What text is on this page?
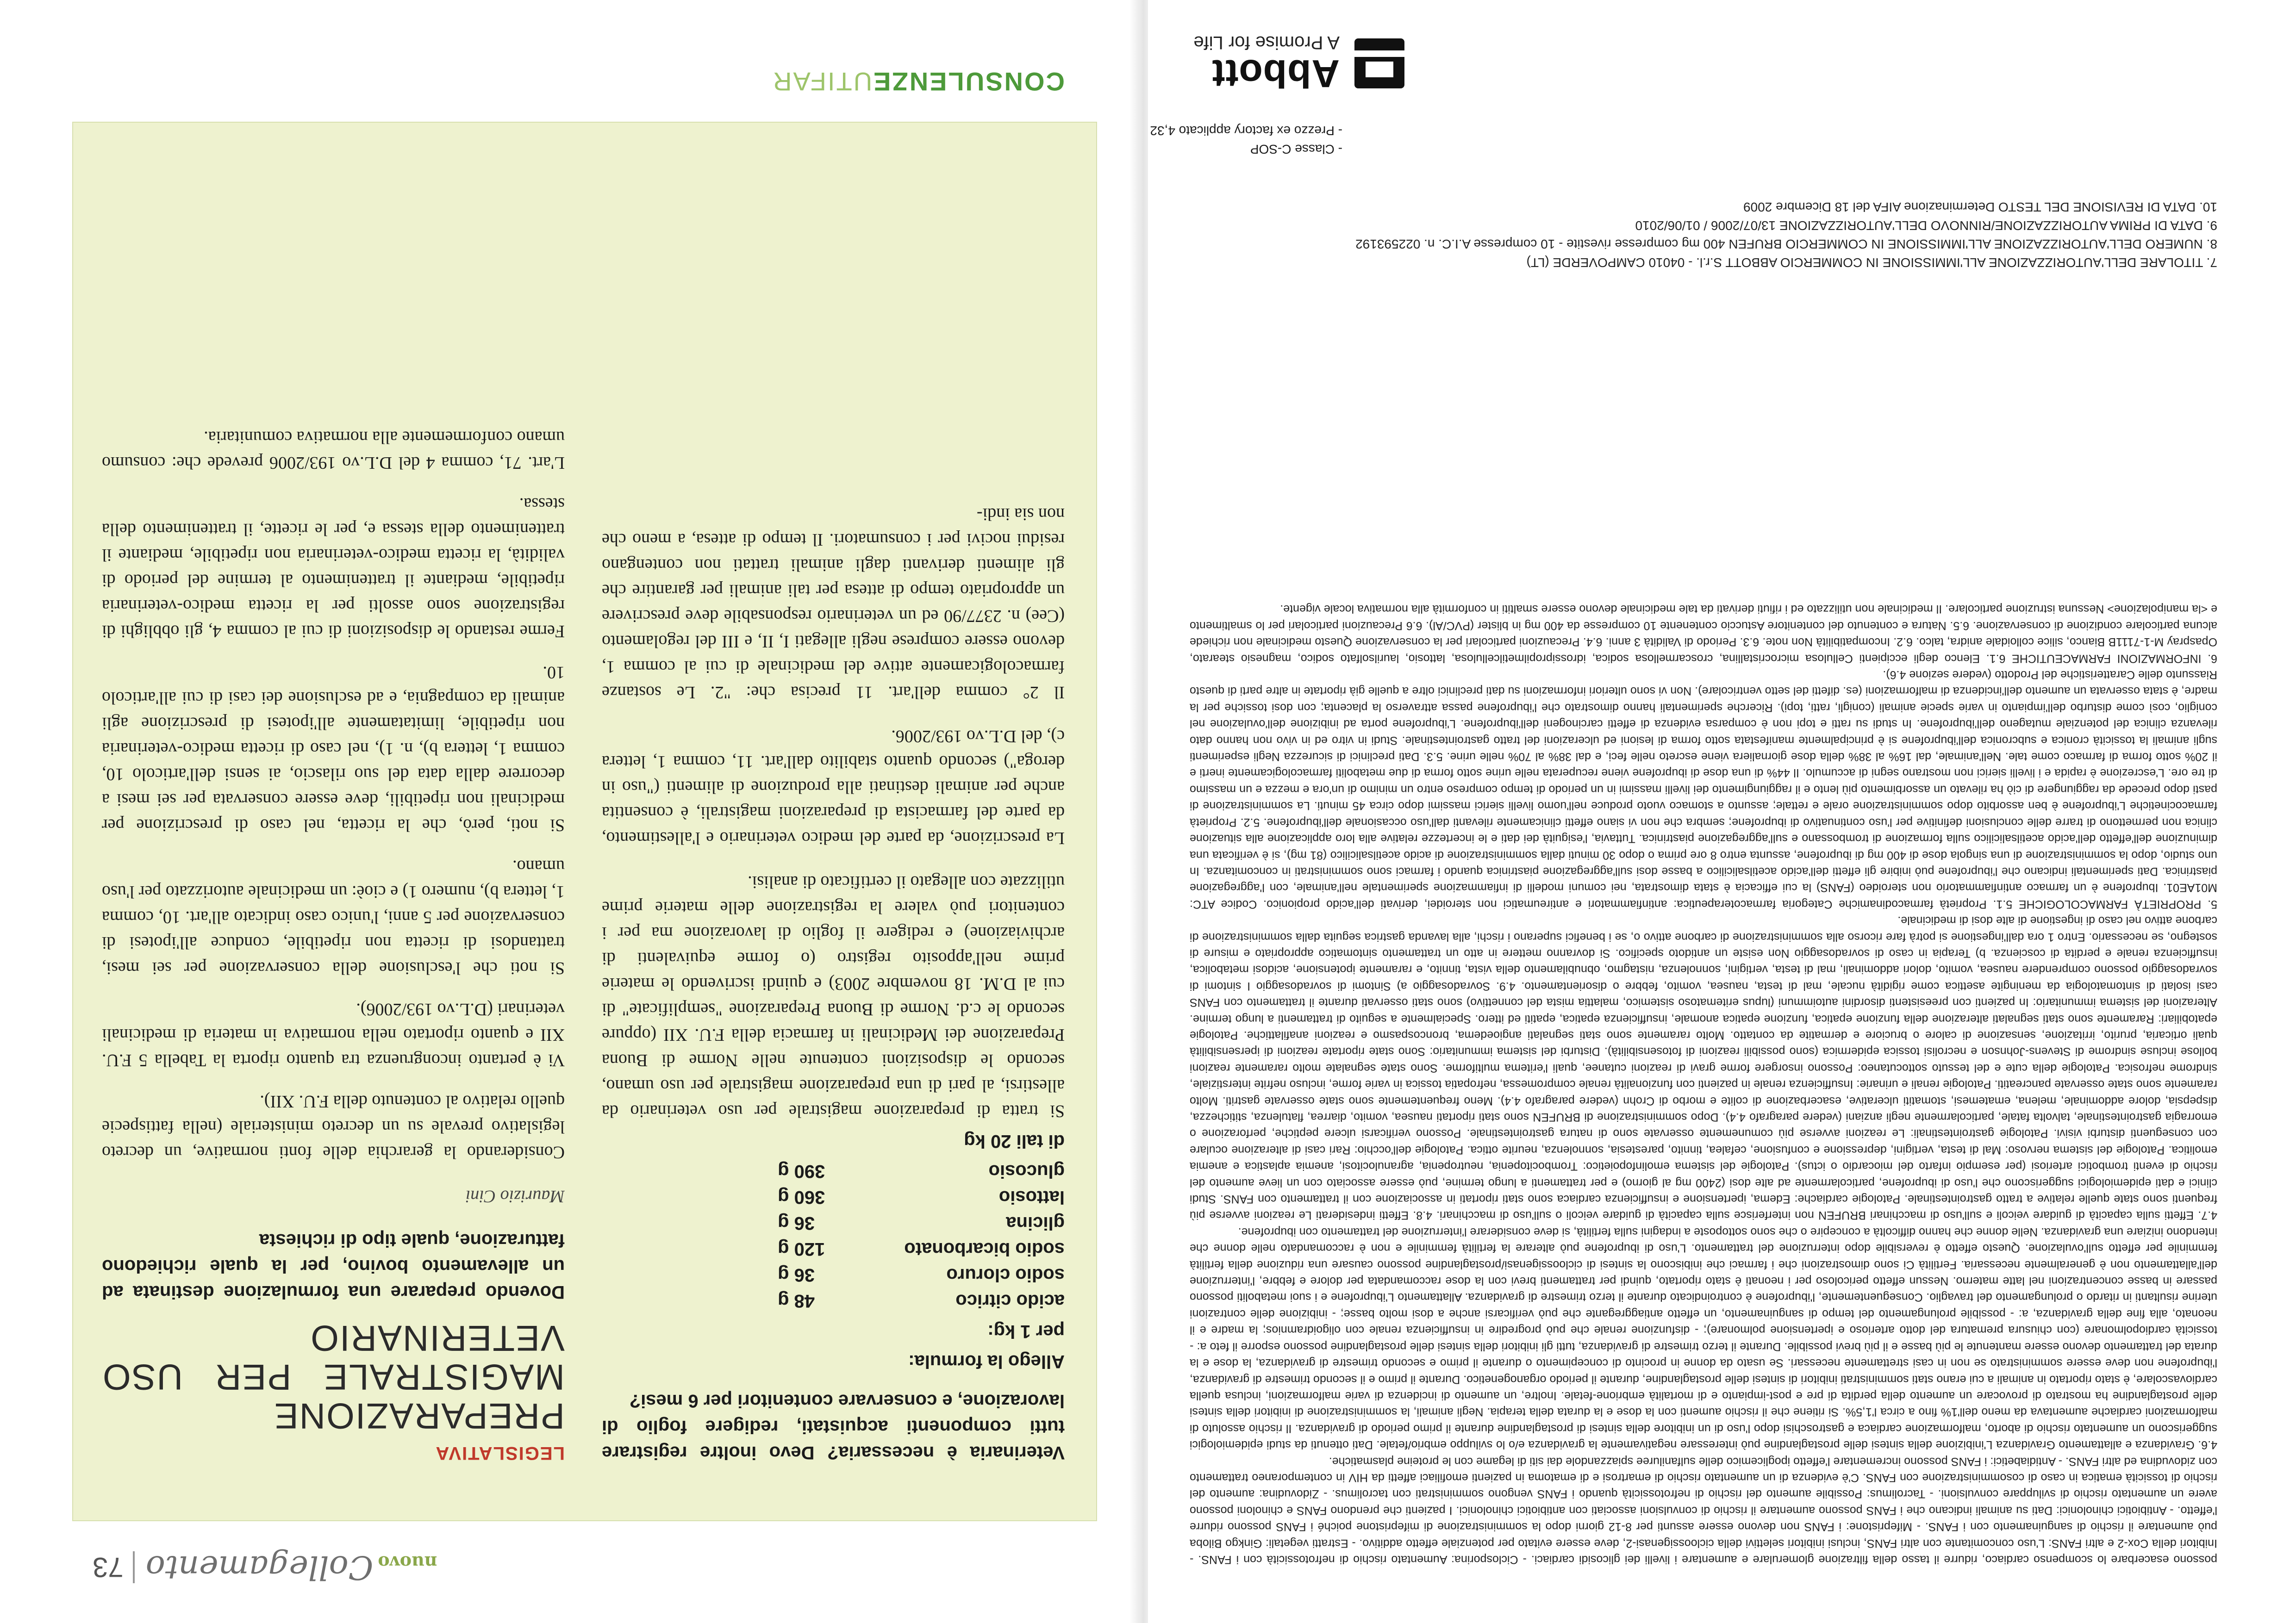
nuovoCollegamento
73
CONSULENZEUTIFAR

Veterinaria è necessaria? Devo inoltre registrare tutti componenti acquistati, redigere foglio di lavorazione, e conservare contenitori per 6 mesi?

Allego la formula:
per 1 kg:
acido citrico
48 g
sodio cloruro
36 g
sodio bicarbonato
120 g
glicina
36 g
lattosio
360 g
glucosio
390 g
di tali 20 kg

Si tratta di preparazione magistrale per uso veterinario da allestirsi, al pari di una preparazione magistrale per uso umano, secondo le disposizioni contenute nelle Norme di Buona Preparazione dei Medicinali in farmacia della F.U. XII (oppure secondo le c.d. Norme di Buona Preparazione "semplificate" di cui al D.M. 18 novembre 2003) e quindi iscrivendo le materie prime nell'apposito registro (o forme equivalenti di archiviazione) e redigere il foglio di lavorazione ma per i contenitori può valere la registrazione delle materie prime utilizzate con allegato il certificato di analisi.

La prescrizione, da parte del medico veterinario e l'allestimento, da parte del farmacista di preparazioni magistrali, è consentita anche per animali destinati alla produzione di alimenti ("uso in deroga") secondo quanto stabilito dall'art. 11, comma 1, lettera c), del D.L.vo 193/2006.

Il 2° comma dell'art. 11 precisa che: "2. Le sostanze farmacologicamente attive del medicinale di cui al comma 1, devono essere comprese negli allegati I, II, e III del regolamento (Cee) n. 2377/90 ed un veterinario responsabile deve prescrivere un appropriato tempo di attesa per tali animali per garantire che gli alimenti derivanti dagli animali trattati non contengano residui nocivi per i consumatori. Il tempo di attesa, a meno che non sia indi-

LEGISLATIVA
PREPARAZIONE MAGISTRALE PER USO VETERINARIO
Dovendo preparare una formulazione destinata ad un allevamento bovino, per la quale richiedono fatturazione, quale tipo di richiesta
Maurizio Cini

Considerando la gerarchia delle fonti normative, un decreto legislativo prevale su un decreto ministeriale (nella fattispecie quello relativo al contenuto della F.U. XII).

Vi è pertanto incongruenza tra quanto riporta la Tabella 5 F.U. XII e quanto riportato nella normativa in materia di medicinali veterinari (D.L.vo 193/2006).

Si noti che l'esclusione della conservazione per sei mesi, trattandosi di ricetta non ripetibile, conduce all'ipotesi di conservazione per 5 anni, l'unico caso indicato all'art. 10, comma 1, lettera b), numero 1) e cioè: un medicinale autorizzato per l'uso umano.

Si noti, però, che la ricetta, nel caso di prescrizione per medicinali non ripetibili, deve essere conservata per sei mesi a decorrere dalla data del suo rilascio, ai sensi dell'articolo 10, comma 1, lettera b), n. 1), nel caso di ricetta medico-veterinaria non ripetibile, limitatamente all'ipotesi di prescrizione agli animali da compagnia, e ad esclusione dei casi di cui all'articolo 10.

Ferme restando le disposizioni di cui al comma 4, gli obblighi di registrazione sono assolti per la ricetta medico-veterinaria ripetibile, mediante il trattenimento al termine del periodo di validità, la ricetta medico-veterinaria non ripetibile, mediante il trattenimento della stessa e, per le ricette, il trattenimento della stessa.

L'art. 71, comma 4 del D.L.vo 193/2006 prevede che: consumo umano conformemente alla normativa comunitaria.

possono esacerbare lo scompenso cardiaco, ridurre il tasso della filtrazione glomerulare e aumentare i livelli dei glicosidi cardiaci. - Ciclosporina: Aumentato rischio di nefrotossicità con i FANS. - Inibitori della Cox-2 e altri FANS: L'uso concomitante con altri FANS, inclusi inibitori selettivi della cicloossigenasi-2, deve essere evitato per potenziale effetto additivo. - Estratti vegetali: Ginkgo Biloba può aumentare il rischio di sanguinamento con i FANS. - Mifepristone: i FANS non devono essere assunti per 8-12 giorni dopo la somministrazione di mifepristone poiché i FANS possono ridurre l'effetto. - Antibiotici chinolonici: Dati su animali indicano che i FANS possono aumentare il rischio di convulsioni associati con antibiotici chinolonici. I pazienti che prendono FANS e chinoloni possono avere un aumentato rischio di sviluppare convulsioni. - Tacrolimus: Possibile aumento del rischio di nefrotossicità quando i FANS vengono somministrati con tacrolimus. - Zidovudina: aumento del rischio di tossicità ematica in caso di cosomministrazione con FANS. C'è evidenza di un aumentato rischio di emartrosi e di ematoma in pazienti emofiliaci affetti da HIV in contemporaneo trattamento con zidovudina ed altri FANS. - Antidiabetici: i FANS possono incrementare l'effetto ipoglicemico delle sulfaniluree spiazzandole dai siti di legame con le proteine plasmatiche.

4.6. Gravidanza e allattamento Gravidanza L'inibizione della sintesi delle prostaglandine può interessare negativamente la gravidanza e/o lo sviluppo embrio/fetale. Dati ottenuti da studi epidemiologici suggeriscono un aumentato rischio di aborto, malformazione cardiaca e gastroschisi dopo l'uso di un inibitore della sintesi di prostaglandine durante il primo periodo di gravidanza. Il rischio assoluto di malformazioni cardiache aumentava da meno dell'1% fino a circa l'1,5%. Si ritiene che il rischio aumenti con la dose e la durata della terapia. Negli animali, la somministrazione di inibitori della sintesi delle prostaglandine ha mostrato di provocare un aumento della perdita di pre e post-impianto e di mortalità embrione-fetale. Inoltre, un aumento di incidenza di varie malformazioni, inclusa quella cardiovascolare, è stato riportato in animali a cui erano stati somministrati inibitori di sintesi delle prostaglandine, durante il periodo organogenetico. Durante il primo e il secondo trimestre di gravidanza, l'ibuprofene non deve essere somministrato se non in casi strettamente necessari. Se usato da donne in procinto di concepimento o durante il primo e secondo trimestre di gravidanza, la dose e la durata del trattamento devono essere mantenute le più basse e il più brevi possibile. Durante il terzo trimestre di gravidanza, tutti gli inibitori della sintesi delle prostaglandine possono esporre il feto a: - tossicità cardiopolmonare (con chiusura prematura del dotto arterioso e ipertensione polmonare); - disfunzione renale che può progredire in insufficienza renale con oligoidramnios; la madre e il neonato, alla fine della gravidanza, a: - possibile prolungamento del tempo di sanguinamento, un effetto antiaggregante che può verificarsi anche a dosi molto basse; - inibizione delle contrazioni uterine risultanti in ritardo o prolungamento del travaglio. Conseguentemente, l'ibuprofene è controindicato durante il terzo trimestre di gravidanza. Allattamento L'ibuprofene e i suoi metaboliti possono passare in basse concentrazioni nel latte materno. Nessun effetto pericoloso per i neonati è stato riportato, quindi per trattamenti brevi con la dose raccomandata per dolore e febbre, l'interruzione dell'allattamento non è generalmente necessaria. Fertilità Ci sono dimostrazioni che i farmaci che inibiscono la sintesi di cicloossigenasi/prostaglandine possono causare una riduzione della fertilità femminile per effetto sull'ovulazione. Questo effetto è reversibile dopo interruzione del trattamento. L'uso di ibuprofene può alterare la fertilità femminile e non è raccomandato nelle donne che intendono iniziare una gravidanza. Nelle donne che hanno difficoltà a concepire o che sono sottoposte a indagini sulla fertilità, si deve considerare l'interruzione del trattamento con ibuprofene.

4.7. Effetti sulla capacità di guidare veicoli e sull'uso di macchinari BRUFEN non interferisce sulla capacità di guidare veicoli o sull'uso di macchinari. 4.8. Effetti indesiderati Le reazioni avverse più frequenti sono state quelle relative a tratto gastrointestinale. Patologie cardiache: Edema, ipertensione e insufficienza cardiaca sono stati riportati in associazione con il trattamento con FANS. Studi clinici e dati epidemiologici suggeriscono che l'uso di ibuprofene, particolarmente ad alte dosi (2400 mg al giorno) e per trattamenti a lungo termine, può essere associato con un lieve aumento del rischio di eventi trombotici arteriosi (per esempio infarto del miocardio o ictus). Patologie del sistema emolinfopoietico: Trombocitopenia, neutropenia, agranulocitosi, anemia aplastica e anemia emolitica. Patologie del sistema nervoso: Mal di testa, vertigini, depressione e confusione, cefalea, tinnito, parestesia, sonnolenza, neurite ottica. Patologie dell'occhio: Rari casi di alterazione oculare con conseguenti disturbi visivi. Patologie gastrointestinali: Le reazioni avverse più comunemente osservate sono di natura gastrointestinale. Possono verificarsi ulcere peptiche, perforazione o emorragia gastrointestinale, talvolta fatale, particolarmente negli anziani (vedere paragrafo 4.4). Dopo somministrazione di BRUFEN sono stati riportati nausea, vomito, diarrea, flatulenza, stitichezza, dispepsia, dolore addominale, melena, ematemesi, stomatiti ulcerative, esacerbazione di colite e morbo di Crohn (vedere paragrafo 4.4). Meno frequentemente sono state osservate gastriti. Molto raramente sono state osservate pancreatiti. Patologie renali e urinarie: Insufficienza renale in pazienti con funzionalità renale compromessa, nefropatia tossica in varie forme, incluso nefrite interstiziale, sindrome nefrosica. Patologie della cute e del tessuto sottocutaneo: Possono insorgere forme gravi di reazioni cutanee, quali l'eritema multiforme. Sono state segnalate molto raramente reazioni bollose incluse sindrome di Stevens-Johnson e necrolisi tossica epidermica (sono possibili reazioni di fotosensibilità). Disturbi del sistema immunitario: Sono state riportate reazioni di ipersensibilità quali orticaria, prurito, irritazione, sensazione di calore o bruciore e dermatite da contatto. Molto raramente sono stati segnalati angioedema, broncospasmo e reazioni anafilattiche. Patologie epatobiliari: Raramente sono stati segnalati alterazione della funzione epatica, funzione epatica anomale, insufficienza epatica, epatiti ed ittero. Specialmente a seguito di trattamenti a lungo termine. Alterazioni del sistema immunitario: In pazienti con preesistenti disordini autoimmuni (lupus eritematoso sistemico, malattia mista del connettivo) sono stati osservati durante il trattamento con FANS casi isolati di sintomatologia da meningite asettica come rigidità nucale, mal di testa, nausea, vomito, febbre o disorientamento. 4.9. Sovradosaggio a) Sintomi di sovradosaggio I sintomi di sovradosaggio possono comprendere nausea, vomito, dolori addominali, mal di testa, vertigini, sonnolenza, nistagmo, obnubilamento della vista, tinnito, e raramente ipotensione, acidosi metabolica, insufficienza renale e perdita di coscienza. b) Terapia in caso di sovradosaggio Non esiste un antidoto specifico. Si dovranno mettere in atto un trattamento sintomatico appropriato e misure di sostegno, se necessario. Entro 1 ora dall'ingestione si potrà fare ricorso alla somministrazione di carbone attivo o, se i benefici superano i rischi, alla lavanda gastrica seguita dalla somministrazione di carbone attivo nel caso di ingestione di alte dosi di medicinale.

5. PROPRIETÀ FARMACOLOGICHE 5.1. Proprietà farmacodinamiche Categoria farmacoterapeutica: antinfiammatori e antireumatici non steroidei, derivati dell'acido propionico. Codice ATC: M01AE01. Ibuprofene è un farmaco antinfiammatorio non steroideo (FANS) la cui efficacia è stata dimostrata, nei comuni modelli di infiammazione sperimentale nell'animale, con l'aggregazione piastrinica. Dati sperimentali indicano che l'ibuprofene può inibire gli effetti dell'acido acetilsalicilico a basse dosi sull'aggregazione piastrinica quando i farmaci sono somministrati in concomitanza. In uno studio, dopo la somministrazione di una singola dose di 400 mg di ibuprofene, assunta entro 8 ore prima o dopo 30 minuti dalla somministrazione di acido acetilsalicilico (81 mg), si è verificata una diminuzione dell'effetto dell'acido acetilsalicilico sulla formazione di trombossano e sull'aggregazione piastrinica. Tuttavia, l'esiguità dei dati e le incertezze relative alla loro applicazione alla situazione clinica non permettono di trarre delle conclusioni definitive per l'uso continuativo di ibuprofene; sembra che non vi siano effetti clinicamente rilevanti dall'uso occasionale dell'ibuprofene. 5.2. Proprietà farmacocinetiche L'ibuprofene è ben assorbito dopo somministrazione orale e rettale; assunto a stomaco vuoto produce nell'uomo livelli sierici massimi dopo circa 45 minuti. La somministrazione di pasti dopo precede da raggiungere di ciò ha rilevato un assorbimento più lento e il raggiungimento dei livelli massimi in un periodo di tempo compreso entro un minimo di un'ora e mezza e un massimo di tre ore. L'escrezione è rapida e i livelli sierici non mostrano segni di accumulo. Il 44% di una dose di ibuprofene viene recuperata nelle urine sotto forma di due metaboliti farmacologicamente inerti e il 20% sotto forma di farmaco come tale. Nell'animale, dal 16% al 38% della dose giornaliera viene escreto nelle feci, e dal 38% al 70% nelle urine. 5.3. Dati preclinici di sicurezza Negli esperimenti sugli animali la tossicità cronica e subcronica dell'ibuprofene si è principalmente manifestata sotto forma di lesioni ed ulcerazioni del tratto gastrointestinale. Studi in vitro ed in vivo non hanno dato rilevanza clinica del potenziale mutageno dell'ibuprofene. In studi su ratti e topi non è comparsa evidenza di effetti carcinogeni dell'ibuprofene. L'ibuprofene porta ad inibizione dell'ovulazione nel coniglio, così come disturbo dell'impianto in varie specie animali (conigli, ratti, topi). Ricerche sperimentali hanno dimostrato che l'ibuprofene passa attraverso la placenta; con dosi tossiche per la madre, è stata osservata un aumento dell'incidenza di malformazioni (es. difetti del setto ventricolare). Non vi sono ulteriori informazioni su dati preclinici oltre a quelle già riportate in altre parti di questo Riassunto delle Caratteristiche del Prodotto (vedere sezione 4.6).

6. INFORMAZIONI FARMACEUTICHE 6.1. Elenco degli eccipienti Cellulosa microcristallina, croscarmellosa sodica, idrossipropilmetilcellulosa, lattosio, laurilsolfato sodico, magnesio stearato, Opaspray M-1-7111B Bianco, silice colloidale anidra, talco. 6.2. Incompatibilità Non note. 6.3. Periodo di Validità 3 anni. 6.4. Precauzioni particolari per la conservazione Questo medicinale non richiede alcuna particolare condizione di conservazione. 6.5. Natura e contenuto del contenitore Astuccio contenente 10 compresse da 400 mg in blister (PVC/Al). 6.6 Precauzioni particolari per lo smaltimento e <la manipolazione> Nessuna istruzione particolare. Il medicinale non utilizzato ed i rifiuti derivati da tale medicinale devono essere smaltiti in conformità alla normativa locale vigente.

7. TITOLARE DELL'AUTORIZZAZIONE ALL'IMMISSIONE IN COMMERCIO ABBOTT S.r.l. - 04010 CAMPOVERDE (LT)

8. NUMERO DELL'AUTORIZZAZIONE ALL'IMMISSIONE IN COMMERCIO BRUFEN 400 mg compresse rivestite - 10 compresse A.I.C. n. 022593192

9. DATA DI PRIMA AUTORIZZAZIONE/RINNOVO DELL'AUTORIZZAZIONE 13/07/2006 / 01/06/2010

10. DATA DI REVISIONE DEL TESTO Determinazione AIFA del 18 Dicembre 2009

- Classe C-SOP
- Prezzo ex factory applicato 4,32
Abbott
A Promise for Life
